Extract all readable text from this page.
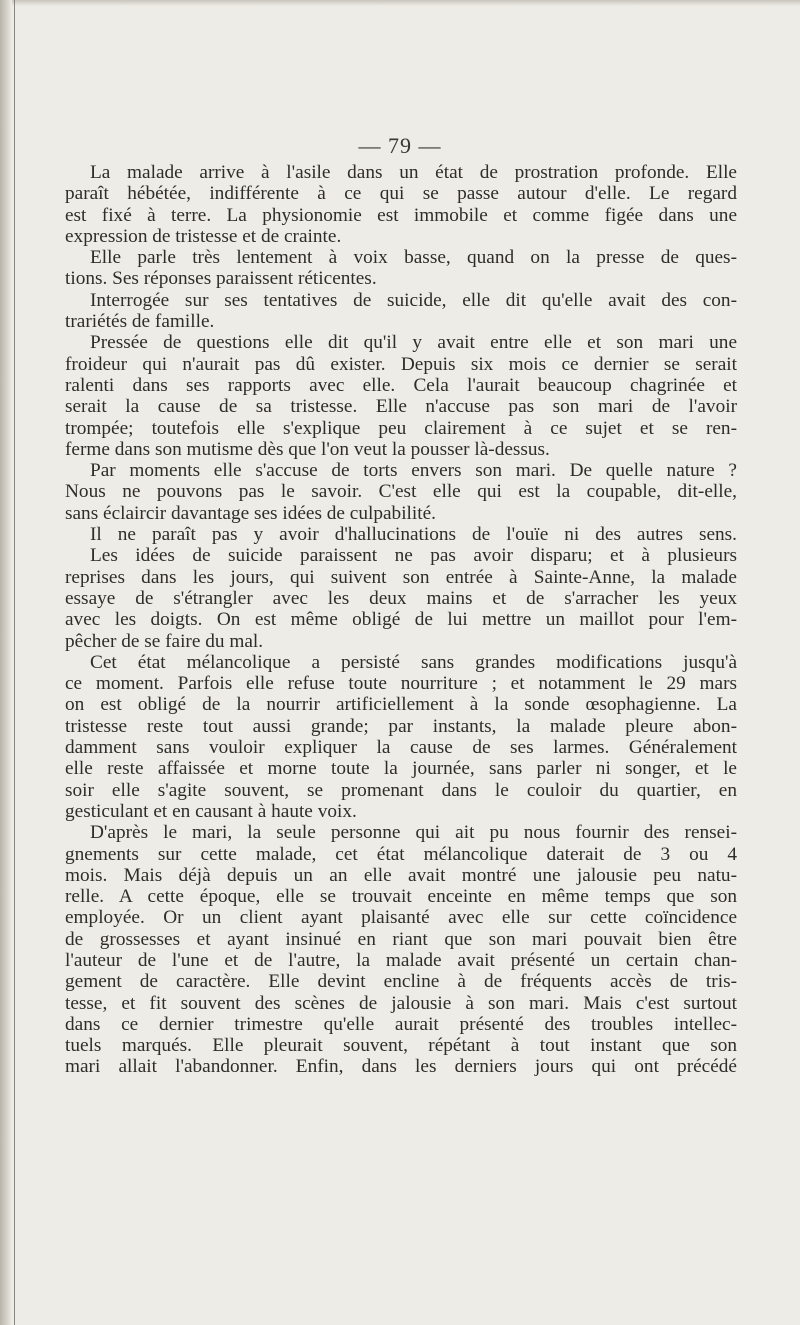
— 79 —
La malade arrive à l'asile dans un état de prostration profonde. Elle
paraît hébétée, indifférente à ce qui se passe autour d'elle. Le regard
est fixé à terre. La physionomie est immobile et comme figée dans une
expression de tristesse et de crainte.
Elle parle très lentement à voix basse, quand on la presse de ques-
tions. Ses réponses paraissent réticentes.
Interrogée sur ses tentatives de suicide, elle dit qu'elle avait des con-
trariétés de famille.
Pressée de questions elle dit qu'il y avait entre elle et son mari une
froideur qui n'aurait pas dû exister. Depuis six mois ce dernier se serait
ralenti dans ses rapports avec elle. Cela l'aurait beaucoup chagrinée et
serait la cause de sa tristesse. Elle n'accuse pas son mari de l'avoir
trompée; toutefois elle s'explique peu clairement à ce sujet et se ren-
ferme dans son mutisme dès que l'on veut la pousser là-dessus.
Par moments elle s'accuse de torts envers son mari. De quelle nature ?
Nous ne pouvons pas le savoir. C'est elle qui est la coupable, dit-elle,
sans éclaircir davantage ses idées de culpabilité.
Il ne paraît pas y avoir d'hallucinations de l'ouïe ni des autres sens.
Les idées de suicide paraissent ne pas avoir disparu; et à plusieurs
reprises dans les jours, qui suivent son entrée à Sainte-Anne, la malade
essaye de s'étrangler avec les deux mains et de s'arracher les yeux
avec les doigts. On est même obligé de lui mettre un maillot pour l'em-
pêcher de se faire du mal.
Cet état mélancolique a persisté sans grandes modifications jusqu'à
ce moment. Parfois elle refuse toute nourriture ; et notamment le 29 mars
on est obligé de la nourrir artificiellement à la sonde œsophagienne. La
tristesse reste tout aussi grande; par instants, la malade pleure abon-
damment sans vouloir expliquer la cause de ses larmes. Généralement
elle reste affaissée et morne toute la journée, sans parler ni songer, et le
soir elle s'agite souvent, se promenant dans le couloir du quartier, en
gesticulant et en causant à haute voix.
D'après le mari, la seule personne qui ait pu nous fournir des rensei-
gnements sur cette malade, cet état mélancolique daterait de 3 ou 4
mois. Mais déjà depuis un an elle avait montré une jalousie peu natu-
relle. A cette époque, elle se trouvait enceinte en même temps que son
employée. Or un client ayant plaisanté avec elle sur cette coïncidence
de grossesses et ayant insinué en riant que son mari pouvait bien être
l'auteur de l'une et de l'autre, la malade avait présenté un certain chan-
gement de caractère. Elle devint encline à de fréquents accès de tris-
tesse, et fit souvent des scènes de jalousie à son mari. Mais c'est surtout
dans ce dernier trimestre qu'elle aurait présenté des troubles intellec-
tuels marqués. Elle pleurait souvent, répétant à tout instant que son
mari allait l'abandonner. Enfin, dans les derniers jours qui ont précédé
